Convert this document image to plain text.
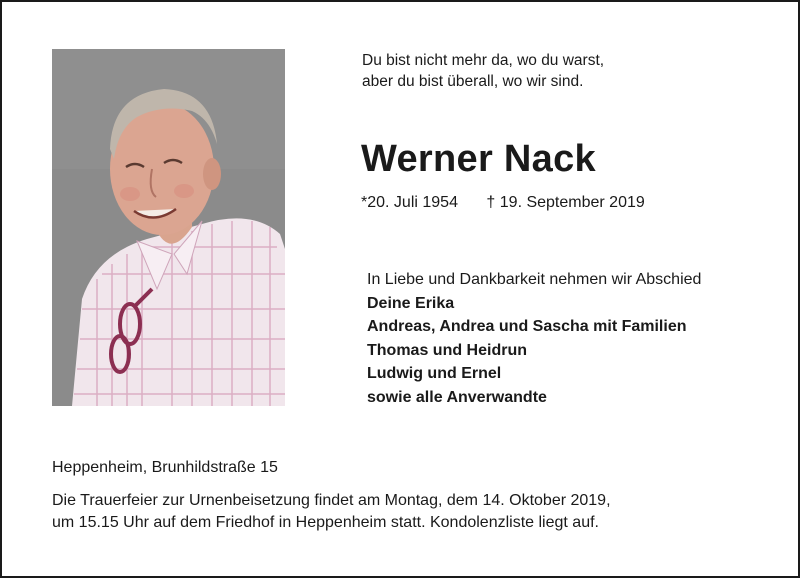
Du bist nicht mehr da, wo du warst,
aber du bist überall, wo wir sind.
Werner Nack
*20. Juli 1954 † 19. September 2019
In Liebe und Dankbarkeit nehmen wir Abschied
Deine Erika
Andreas, Andrea und Sascha mit Familien
Thomas und Heidrun
Ludwig und Ernel
sowie alle Anverwandte
Heppenheim, Brunhildstraße 15
Die Trauerfeier zur Urnenbeisetzung findet am Montag, dem 14. Oktober 2019,
um 15.15 Uhr auf dem Friedhof in Heppenheim statt. Kondolenzliste liegt auf.
